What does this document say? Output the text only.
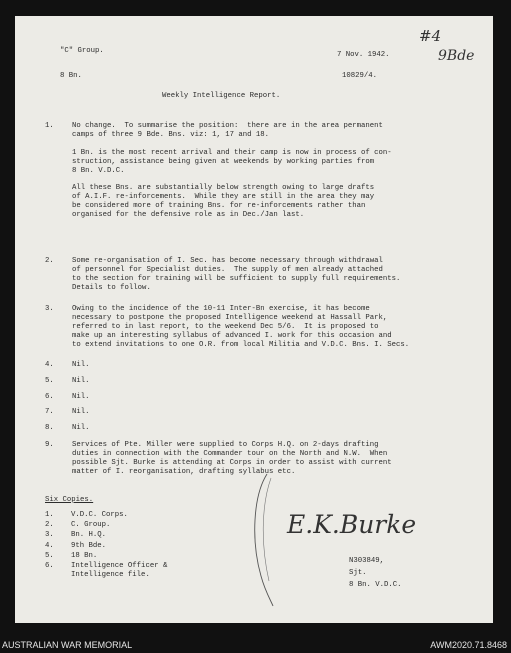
"C" Group.
8 Bn.
7 Nov. 1942.
10829/4.
#4
9Bde
Weekly Intelligence Report.
1. No change.  To summarise the position:  there are in the area permanent
camps of three 9 Bde. Bns. viz: 1, 17 and 18.

1 Bn. is the most recent arrival and their camp is now in process of con-
struction, assistance being given at weekends by working parties from
8 Bn. V.D.C.

All these Bns. are substantially below strength owing to large drafts
of A.I.F. re-inforcements.  While they are still in the area they may
be considered more of training Bns. for re-inforcements rather than
organised for the defensive role as in Dec./Jan last.
2. Some re-organisation of I. Sec. has become necessary through withdrawal
of personnel for Specialist duties.  The supply of men already attached
to the section for training will be sufficient to supply full requirements.
Details to follow.
3. Owing to the incidence of the 10-11 Inter-Bn exercise, it has become
necessary to postpone the proposed Intelligence weekend at Hassall Park,
referred to in last report, to the weekend Dec 5/6.  It is proposed to
make up an interesting syllabus of advanced I. work for this occasion and
to extend invitations to one O.R. from local Militia and V.D.C. Bns. I. Secs.
4. Nil.
5. Nil.
6. Nil.
7. Nil.
8. Nil.
9. Services of Pte. Miller were supplied to Corps H.Q. on 2-days drafting
duties in connection with the Commander tour on the North and N.W.  When
possible Sjt. Burke is attending at Corps in order to assist with current
matter of I. reorganisation, drafting syllabus etc.
Six Copies.
1. V.D.C. Corps.
2. C. Group.
3. Bn. H.Q.
4. 9th Bde.
5. 18 Bn.
6. Intelligence Officer &
Intelligence file.
E.K.Burke
N303849,
Sjt.
8 Bn. V.D.C.
AUSTRALIAN WAR MEMORIAL	AWM2020.71.8468
